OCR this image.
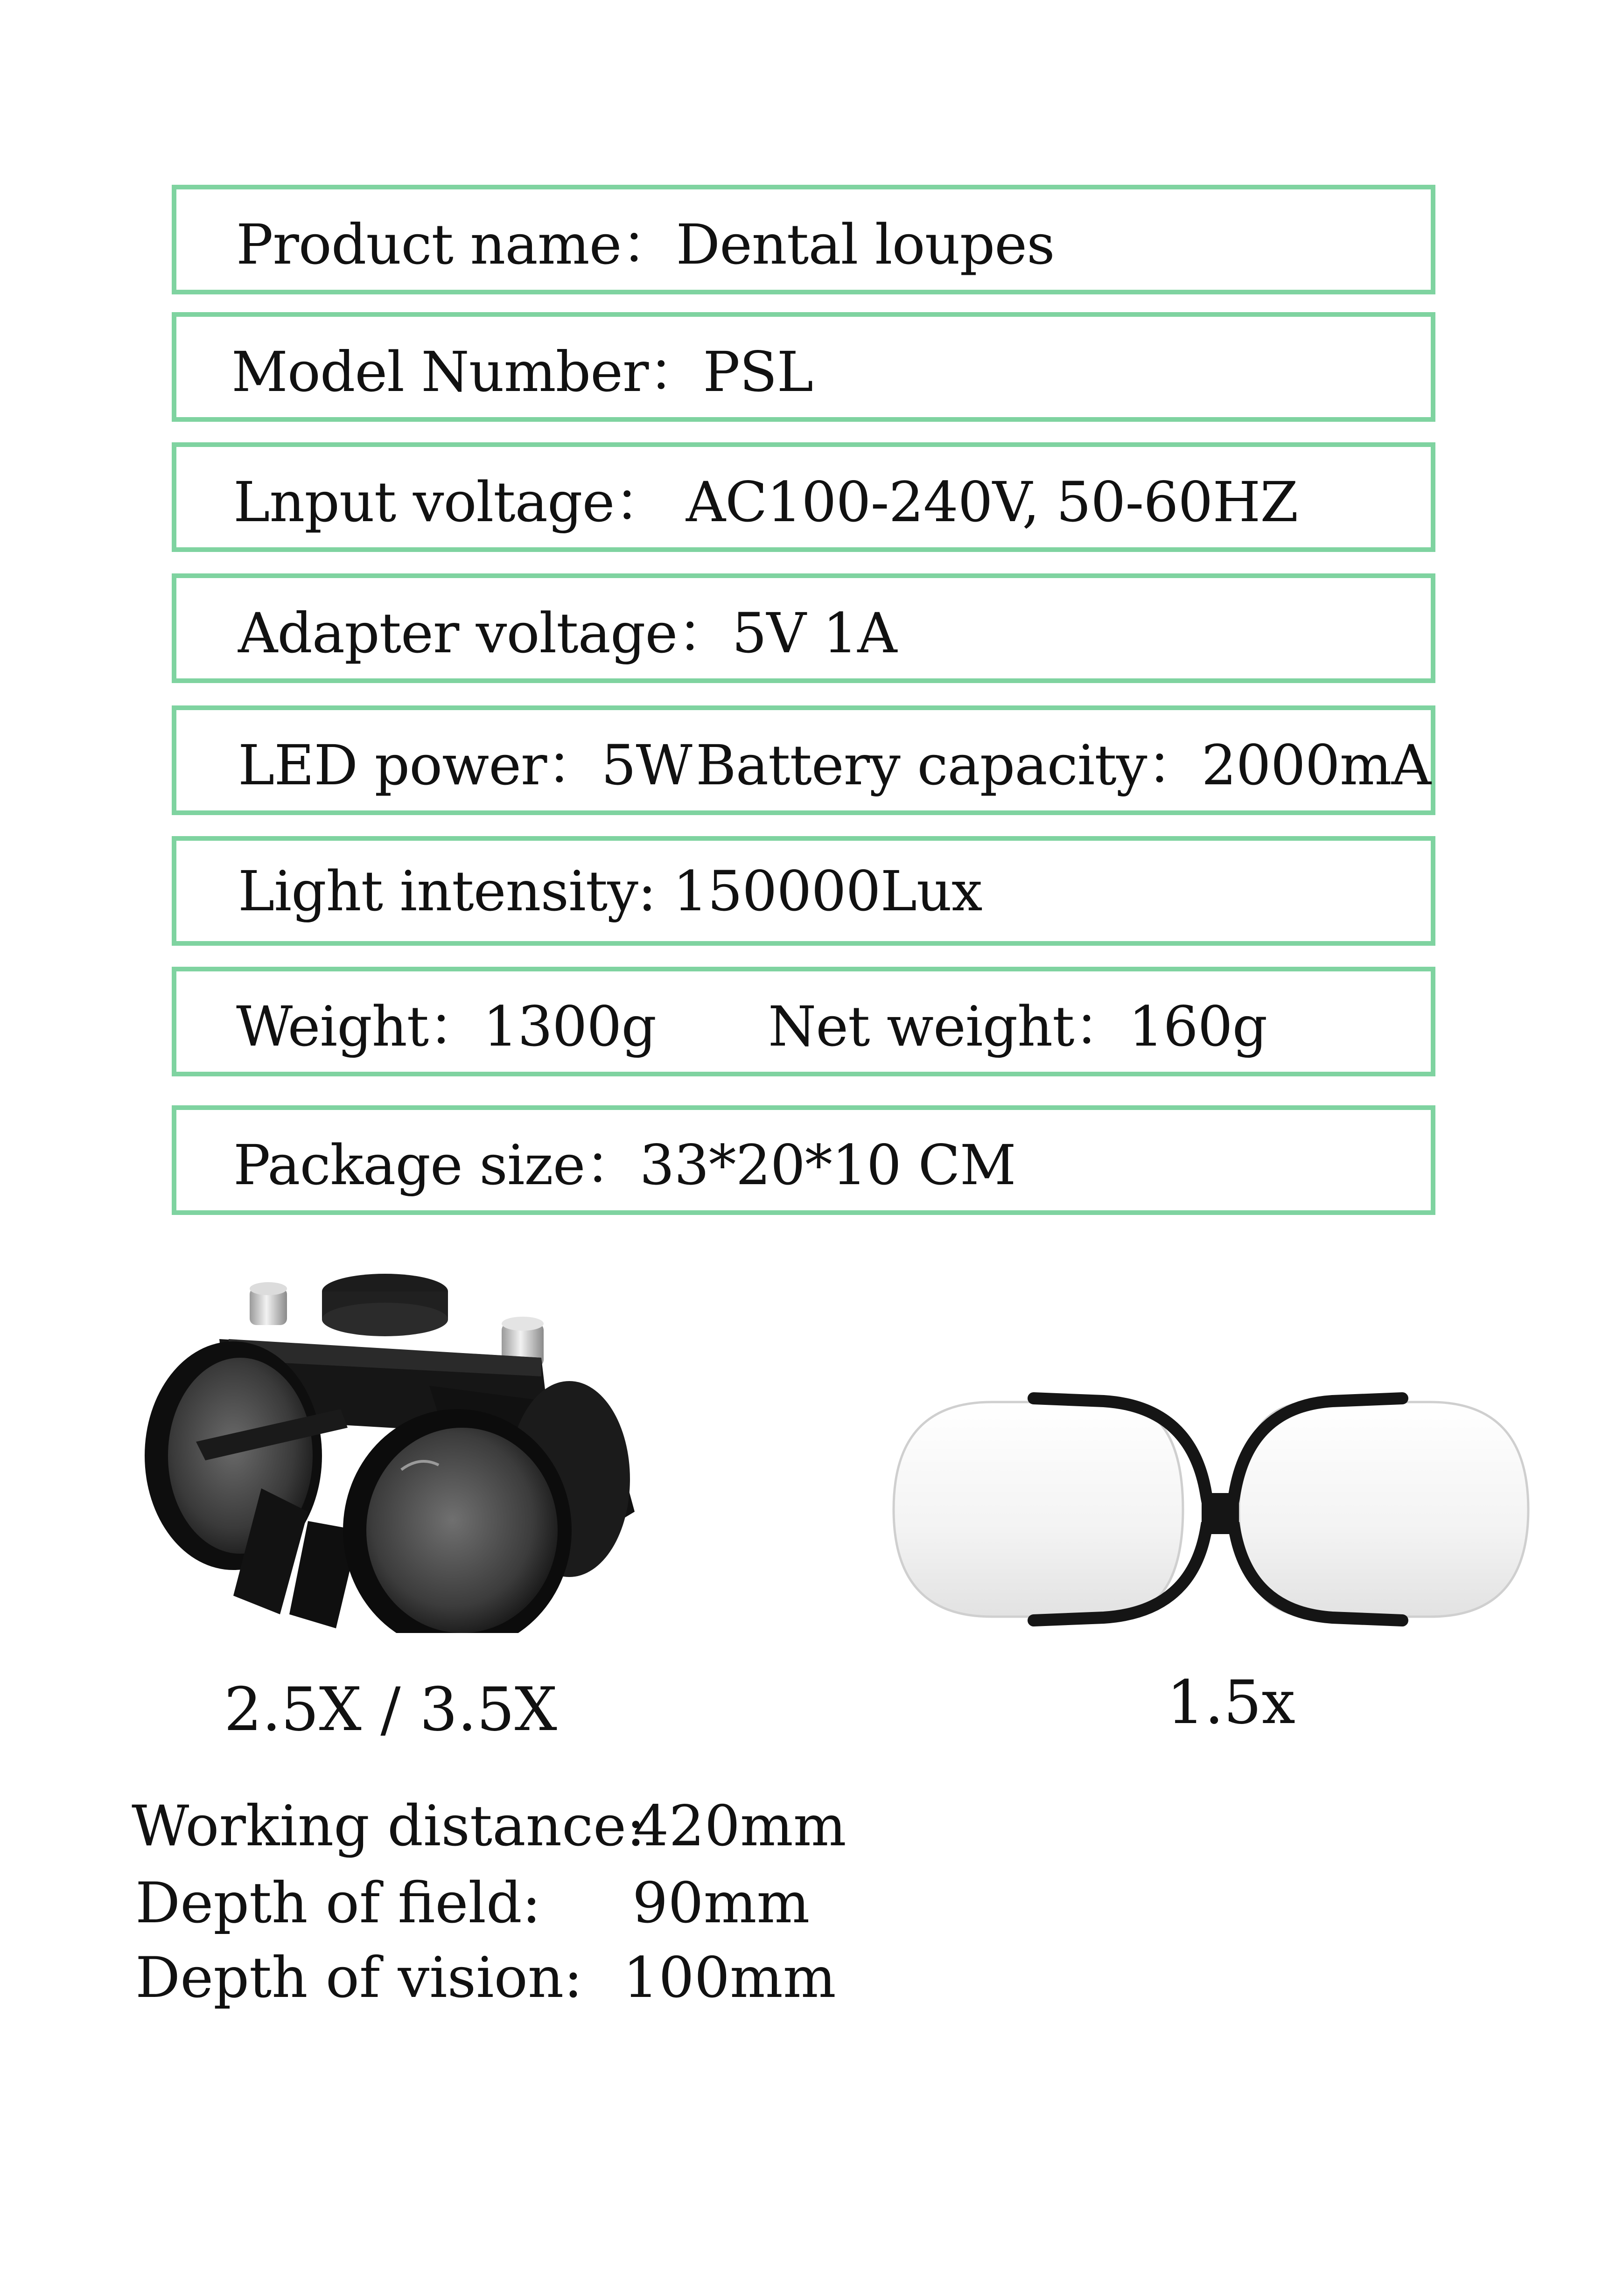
Product name：Dental loupes
Model Number：PSL
Lnput voltage： AC100-240V, 50-60HZ
Adapter voltage：5V 1A
LED power：5W Battery capacity：2000mA
Light intensity: 150000Lux
Weight：1300g	Net weight：160g
Package size：33*20*10 CM
2.5X / 3.5X	1.5x
Working distance:
420mm
Depth of field: 90mm
Depth of vision: 100mm
